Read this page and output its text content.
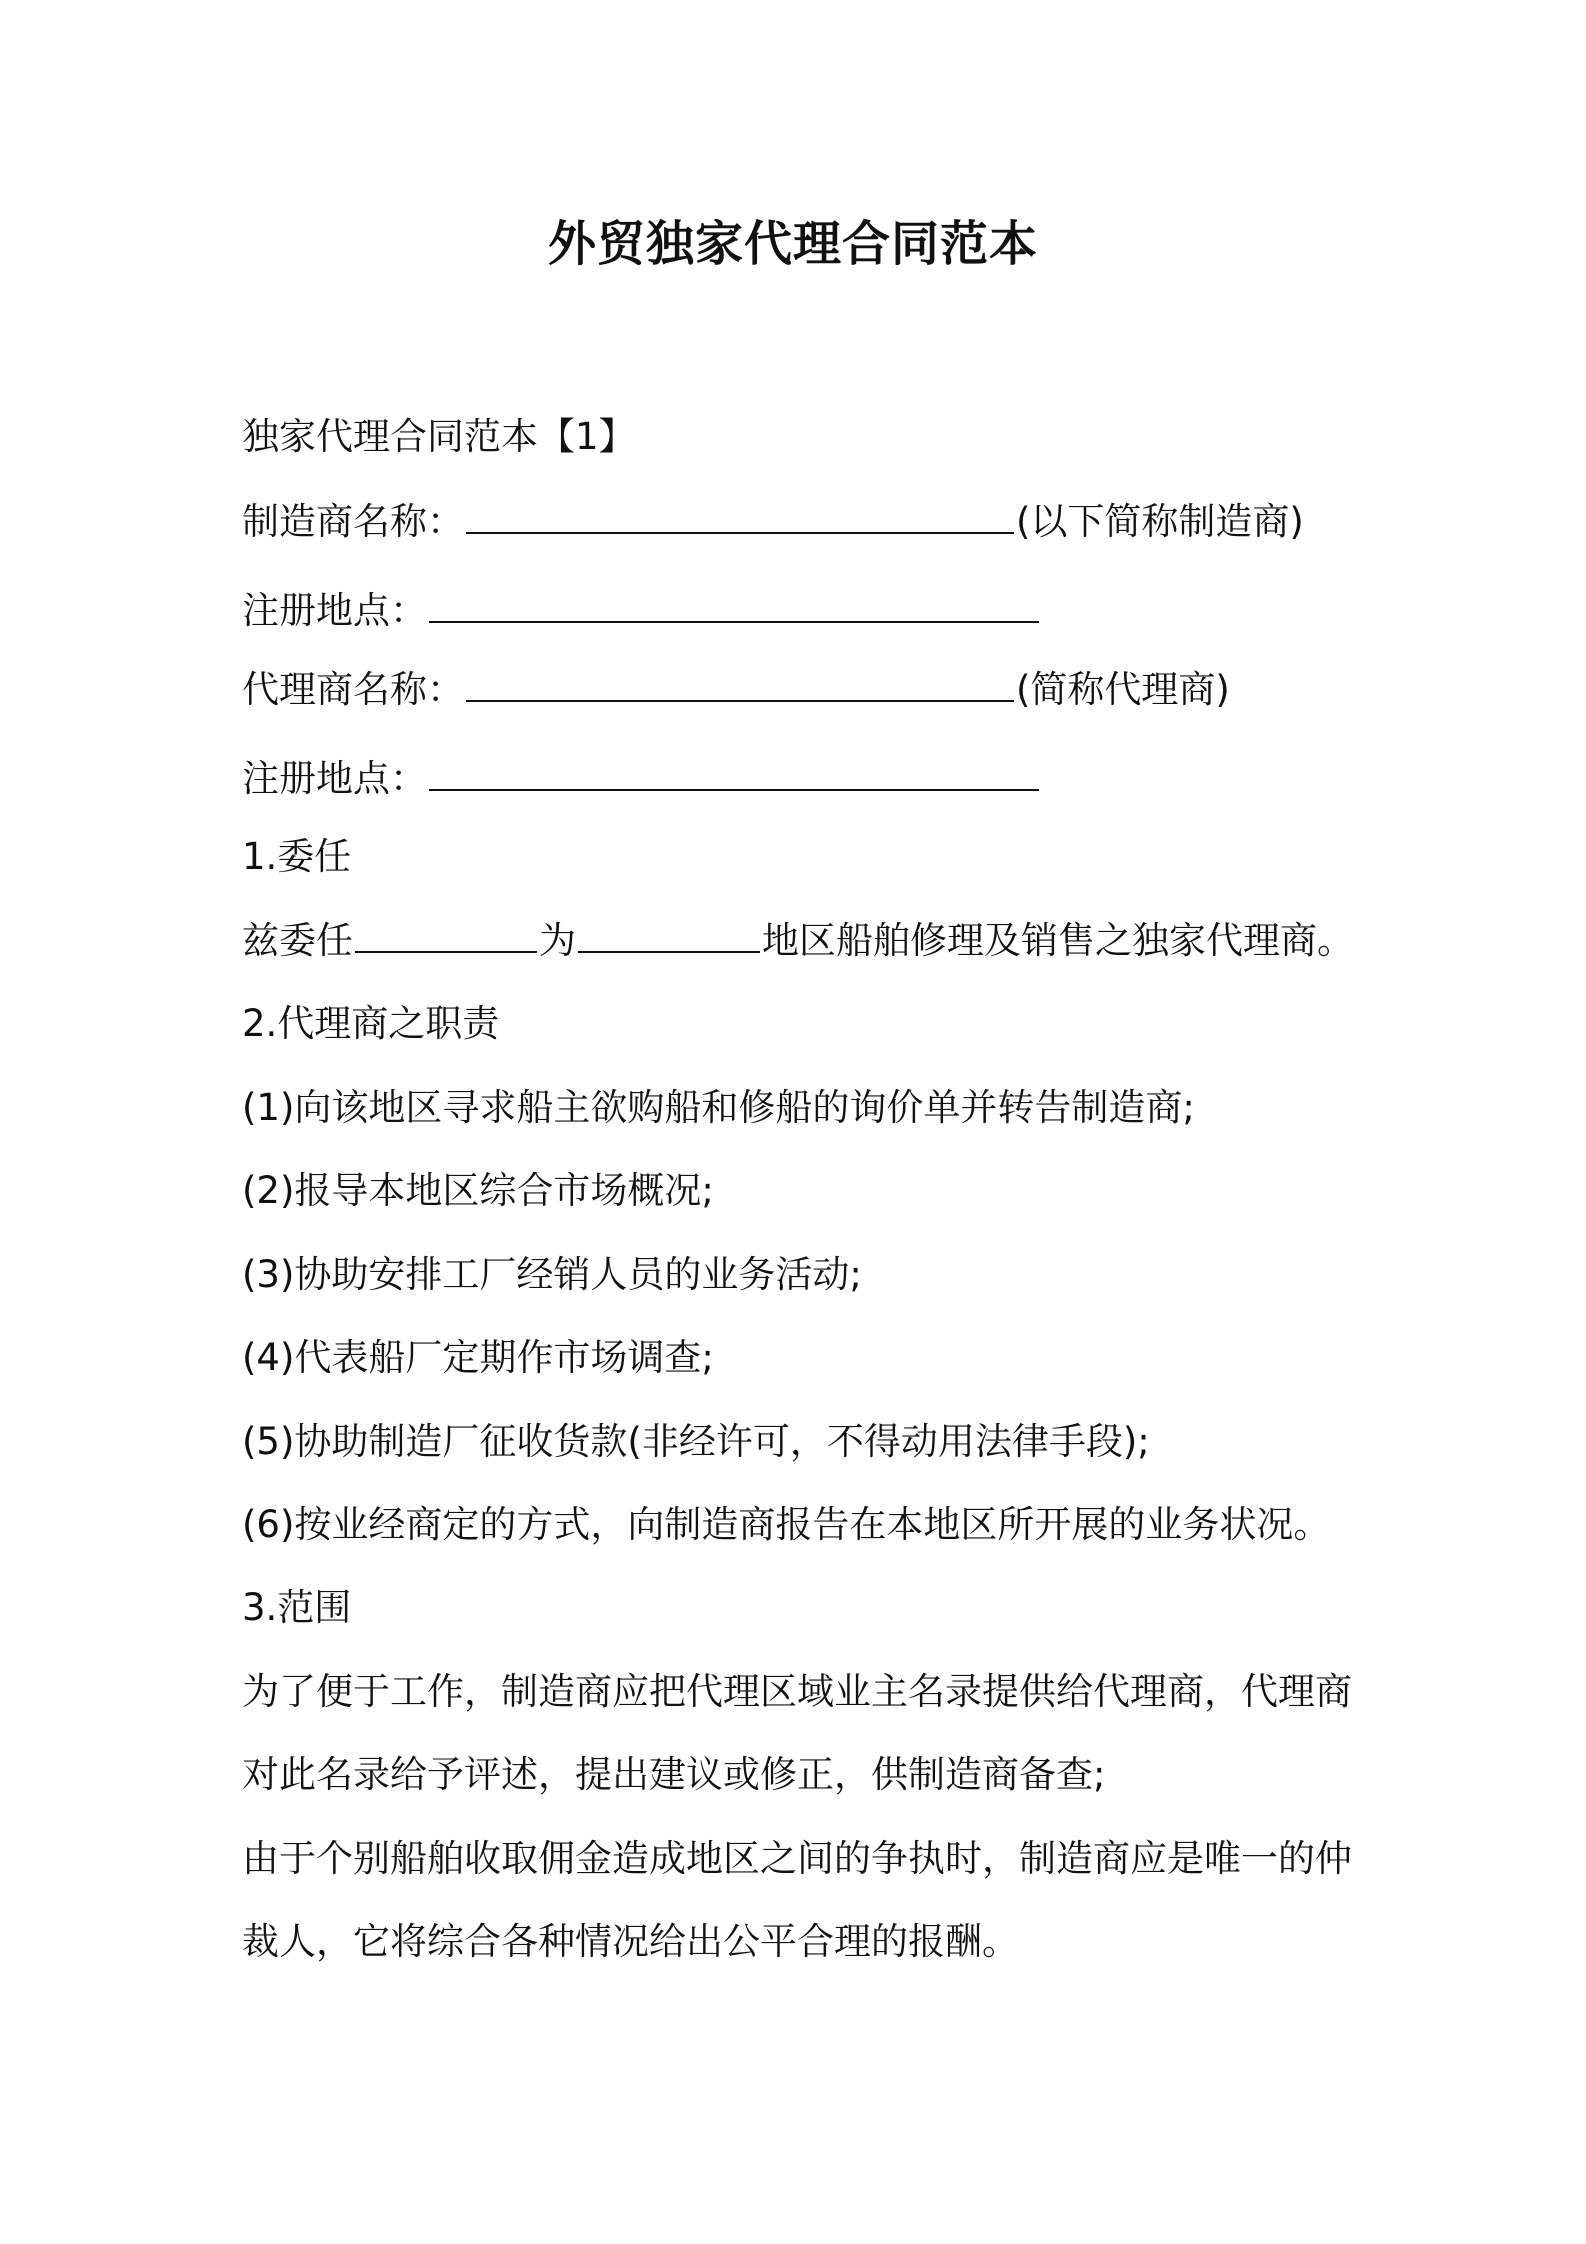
外贸独家代理合同范本
独家代理合同范本【1】
制造商名称：	(以下简称制造商)
注册地点：
代理商名称：	(简称代理商)
注册地点：
1.委任
兹委任	为	地区船舶修理及销售之独家代理商。
2.代理商之职责
(1)向该地区寻求船主欲购船和修船的询价单并转告制造商;
(2)报导本地区综合市场概况;
(3)协助安排工厂经销人员的业务活动;
(4)代表船厂定期作市场调查;
(5)协助制造厂征收货款(非经许可，不得动用法律手段);
(6)按业经商定的方式，向制造商报告在本地区所开展的业务状况。
3.范围
为了便于工作，制造商应把代理区域业主名录提供给代理商，代理商
对此名录给予评述，提出建议或修正，供制造商备查;
由于个别船舶收取佣金造成地区之间的争执时，制造商应是唯一的仲
裁人，它将综合各种情况给出公平合理的报酬。
